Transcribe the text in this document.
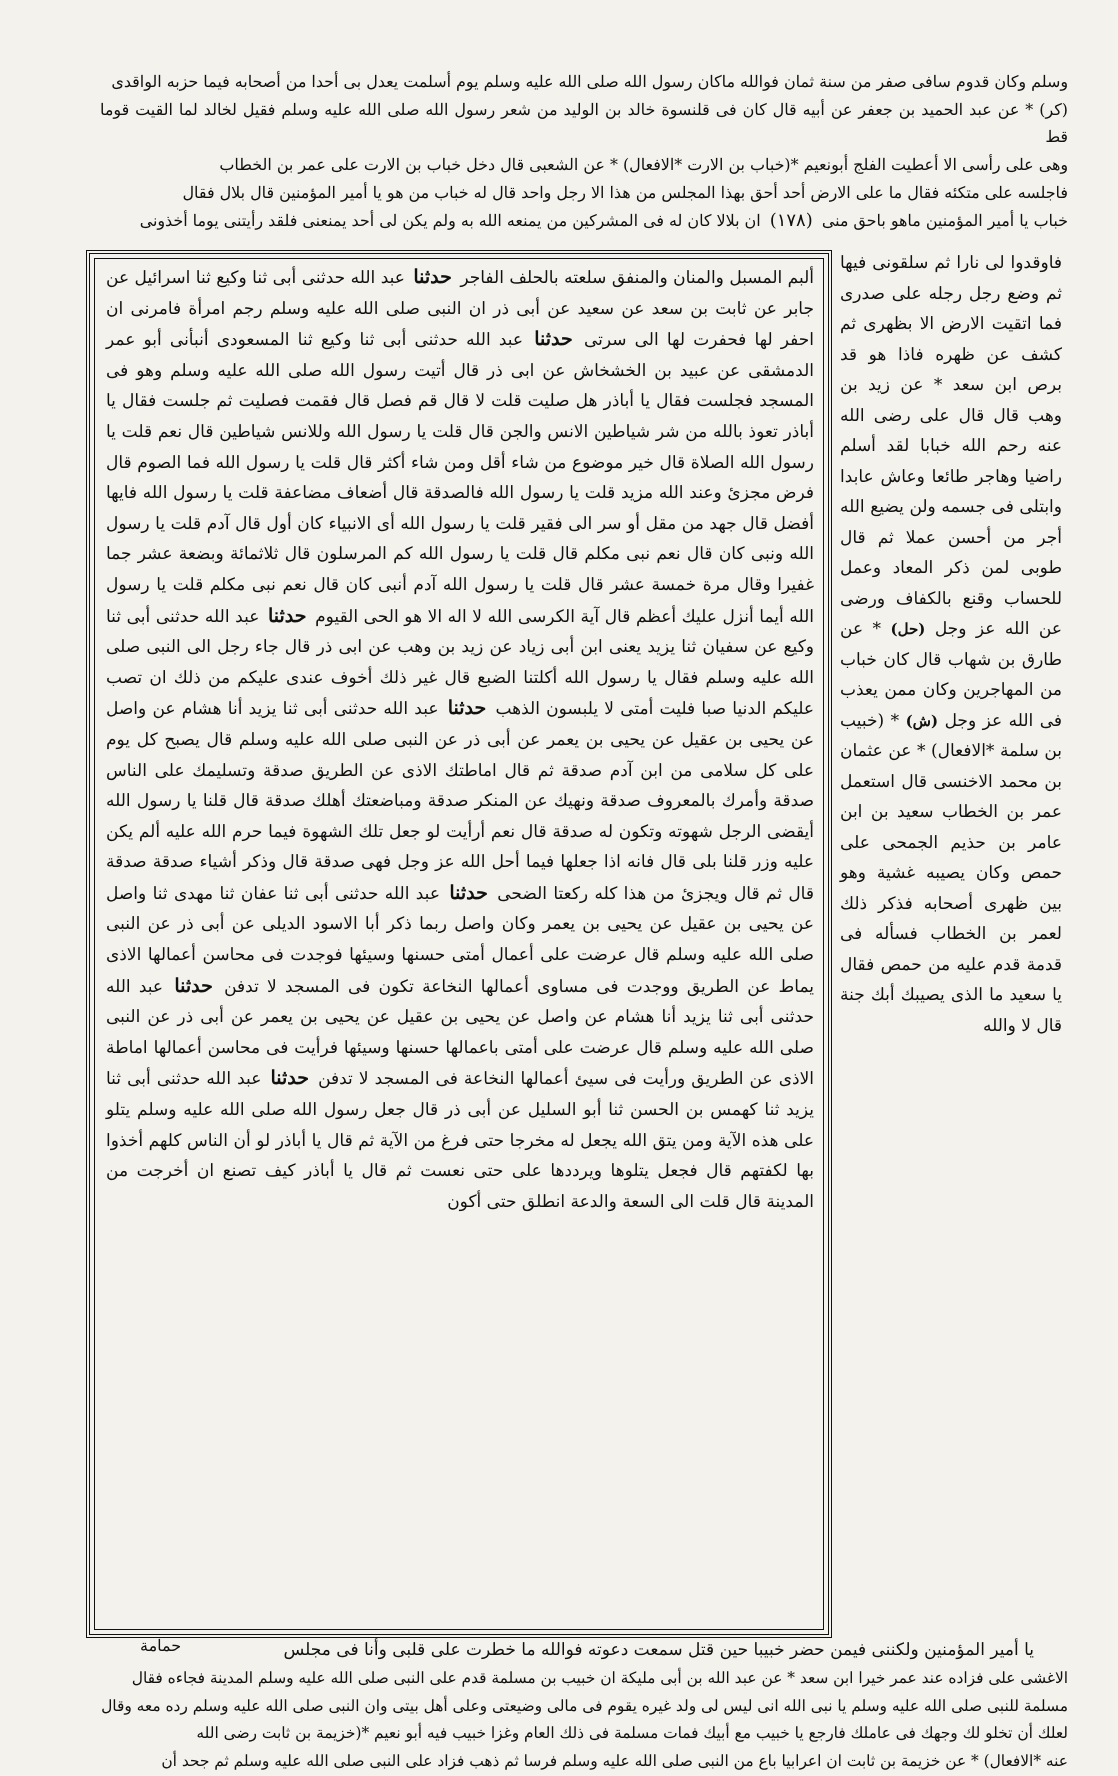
وسلم وكان قدوم سافى صفر من سنة ثمان فوالله ماكان رسول الله صلى الله عليه وسلم يوم أسلمت يعدل بى أحدا من أصحابه فيما حزبه الواقدى

(كر) * عن عبد الحميد بن جعفر عن أبيه قال كان فى قلنسوة خالد بن الوليد من شعر رسول الله صلى الله عليه وسلم فقيل لخالد لما القيت قوما قط

وهى على رأسى الا أعطيت الفلج أبونعيم *(خباب بن الارت *الافعال) * عن الشعبى قال دخل خباب بن الارت على عمر بن الخطاب

فاجلسه على متكئه فقال ما على الارض أحد أحق بهذا المجلس من هذا الا رجل واحد قال له خباب من هو يا أمير المؤمنين قال بلال فقال

خباب يا أمير المؤمنين ماهو باحق منى (١٧٨) ان بلالا كان له فى المشركين من يمنعه الله به ولم يكن لى أحد يمنعنى فلقد رأيتنى يوما أخذونى

فاوقدوا لى نارا ثم سلقونى فيها ثم وضع رجل رجله على صدرى فما اتقيت الارض الا بظهرى ثم كشف عن ظهره فاذا هو قد برص ابن سعد * عن زيد بن وهب قال قال على رضى الله عنه رحم الله خبابا لقد أسلم راضيا وهاجر طائعا وعاش عابدا وابتلى فى جسمه ولن يضيع الله أجر من أحسن عملا ثم قال طوبى لمن ذكر المعاد وعمل للحساب وقنع بالكفاف ورضى عن الله عز وجل (حل) * عن طارق بن شهاب قال كان خباب من المهاجرين وكان ممن يعذب فى الله عز وجل (ش) * (خبيب بن سلمة *الافعال) * عن عثمان بن محمد الاخنسى قال استعمل عمر بن الخطاب سعيد بن ابن عامر بن حذيم الجمحى على حمص وكان يصيبه غشية وهو بين ظهرى أصحابه فذكر ذلك لعمر بن الخطاب فسأله فى قدمة قدم عليه من حمص فقال يا سعيد ما الذى يصيبك أبك جنة قال لا والله

ألبم المسبل والمنان والمنفق سلعته بالحلف الفاجر حدثنا عبد الله حدثنى أبى ثنا وكيع ثنا اسرائيل عن جابر عن ثابت بن سعد عن سعيد عن أبى ذر ان النبى صلى الله عليه وسلم رجم امرأة فامرنى ان احفر لها فحفرت لها الى سرتى حدثنا عبد الله حدثنى أبى ثنا وكيع ثنا المسعودى أنبأنى أبو عمر الدمشقى عن عبيد بن الخشخاش عن ابى ذر قال أتيت رسول الله صلى الله عليه وسلم وهو فى المسجد فجلست فقال يا أباذر هل صليت قلت لا قال قم فصل قال فقمت فصليت ثم جلست فقال يا أباذر تعوذ بالله من شر شياطين الانس والجن قال قلت يا رسول الله وللانس شياطين قال نعم قلت يا رسول الله الصلاة قال خير موضوع من شاء أقل ومن شاء أكثر قال قلت يا رسول الله فما الصوم قال فرض مجزئ وعند الله مزيد قلت يا رسول الله فالصدقة قال أضعاف مضاعفة قلت يا رسول الله فايها أفضل قال جهد من مقل أو سر الى فقير قلت يا رسول الله أى الانبياء كان أول قال آدم قلت يا رسول الله ونبى كان قال نعم نبى مكلم قال قلت يا رسول الله كم المرسلون قال ثلاثمائة وبضعة عشر جما غفيرا وقال مرة خمسة عشر قال قلت يا رسول الله آدم أنبى كان قال نعم نبى مكلم قلت يا رسول الله أيما أنزل عليك أعظم قال آية الكرسى الله لا اله الا هو الحى القيوم حدثنا عبد الله حدثنى أبى ثنا وكيع عن سفيان ثنا يزيد يعنى ابن أبى زياد عن زيد بن وهب عن ابى ذر قال جاء رجل الى النبى صلى الله عليه وسلم فقال يا رسول الله أكلتنا الضبع قال غير ذلك أخوف عندى عليكم من ذلك ان تصب عليكم الدنيا صبا فليت أمتى لا يلبسون الذهب حدثنا عبد الله حدثنى أبى ثنا يزيد أنا هشام عن واصل عن يحيى بن عقيل عن يحيى بن يعمر عن أبى ذر عن النبى صلى الله عليه وسلم قال يصبح كل يوم على كل سلامى من ابن آدم صدقة ثم قال اماطتك الاذى عن الطريق صدقة وتسليمك على الناس صدقة وأمرك بالمعروف صدقة ونهيك عن المنكر صدقة ومباضعتك أهلك صدقة قال قلنا يا رسول الله أيقضى الرجل شهوته وتكون له صدقة قال نعم أرأيت لو جعل تلك الشهوة فيما حرم الله عليه ألم يكن عليه وزر قلنا بلى قال فانه اذا جعلها فيما أحل الله عز وجل فهى صدقة قال وذكر أشياء صدقة صدقة قال ثم قال ويجزئ من هذا كله ركعتا الضحى حدثنا عبد الله حدثنى أبى ثنا عفان ثنا مهدى ثنا واصل عن يحيى بن عقيل عن يحيى بن يعمر وكان واصل ربما ذكر أبا الاسود الديلى عن أبى ذر عن النبى صلى الله عليه وسلم قال عرضت على أعمال أمتى حسنها وسيئها فوجدت فى محاسن أعمالها الاذى يماط عن الطريق ووجدت فى مساوى أعمالها النخاعة تكون فى المسجد لا تدفن حدثنا عبد الله حدثنى أبى ثنا يزيد أنا هشام عن واصل عن يحيى بن عقيل عن يحيى بن يعمر عن أبى ذر عن النبى صلى الله عليه وسلم قال عرضت على أمتى باعمالها حسنها وسيئها فرأيت فى محاسن أعمالها اماطة الاذى عن الطريق ورأيت فى سيئ أعمالها النخاعة فى المسجد لا تدفن حدثنا عبد الله حدثنى أبى ثنا يزيد ثنا كهمس بن الحسن ثنا أبو السليل عن أبى ذر قال جعل رسول الله صلى الله عليه وسلم يتلو على هذه الآية ومن يتق الله يجعل له مخرجا حتى فرغ من الآية ثم قال يا أباذر لو أن الناس كلهم أخذوا بها لكفتهم قال فجعل يتلوها ويرددها على حتى نعست ثم قال يا أباذر كيف تصنع ان أخرجت من المدينة قال قلت الى السعة والدعة انطلق حتى أكون

حمامة	يا أمير المؤمنين ولكننى فيمن حضر خبيبا حين قتل سمعت دعوته فوالله ما خطرت على قلبى وأنا فى مجلس

الاغشى على فزاده عند عمر خيرا ابن سعد * عن عبد الله بن أبى مليكة ان خبيب بن مسلمة قدم على النبى صلى الله عليه وسلم المدينة فجاءه فقال

مسلمة للنبى صلى الله عليه وسلم يا نبى الله انى ليس لى ولد غيره يقوم فى مالى وضيعتى وعلى أهل بيتى وان النبى صلى الله عليه وسلم رده معه وقال

لعلك أن تخلو لك وجهك فى عاملك فارجع يا خبيب مع أبيك فمات مسلمة فى ذلك العام وغزا خبيب فيه أبو نعيم *(خزيمة بن ثابت رضى الله

عنه *الافعال) * عن خزيمة بن ثابت ان اعرابيا باع من النبى صلى الله عليه وسلم فرسا ثم ذهب فزاد على النبى صلى الله عليه وسلم ثم جحد أن
